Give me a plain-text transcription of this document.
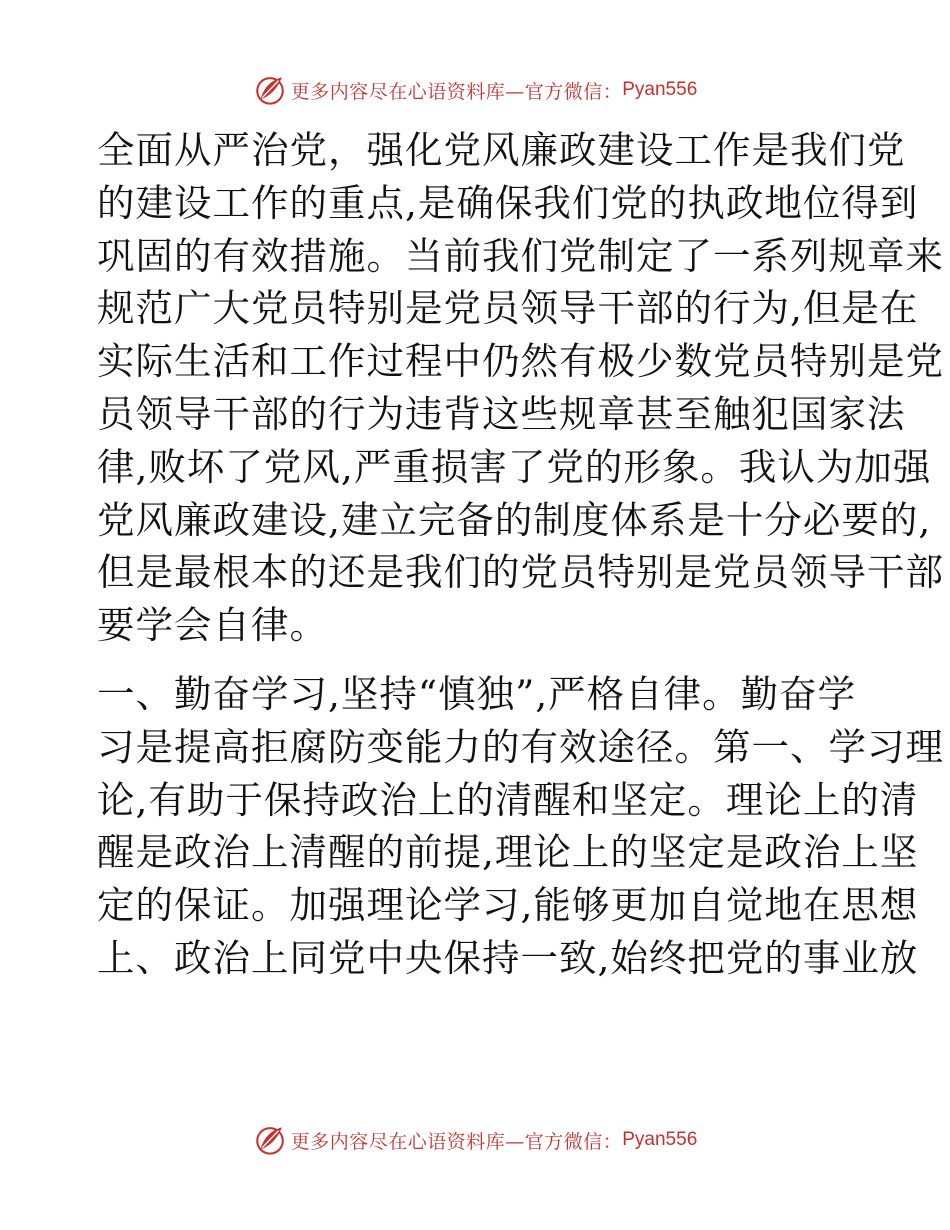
更多内容尽在心语资料库—官方微信： Pyan556

全面从严治党，强化党风廉政建设工作是我们党
的建设工作的重点,是确保我们党的执政地位得到
巩固的有效措施。当前我们党制定了一系列规章来
规范广大党员特别是党员领导干部的行为,但是在
实际生活和工作过程中仍然有极少数党员特别是党
员领导干部的行为违背这些规章甚至触犯国家法
律,败坏了党风,严重损害了党的形象。我认为加强
党风廉政建设,建立完备的制度体系是十分必要的,
但是最根本的还是我们的党员特别是党员领导干部
要学会自律。

一、勤奋学习,坚持“慎独”,严格自律。勤奋学
习是提高拒腐防变能力的有效途径。第一、学习理
论,有助于保持政治上的清醒和坚定。理论上的清
醒是政治上清醒的前提,理论上的坚定是政治上坚
定的保证。加强理论学习,能够更加自觉地在思想
上、政治上同党中央保持一致,始终把党的事业放

更多内容尽在心语资料库—官方微信： Pyan556
